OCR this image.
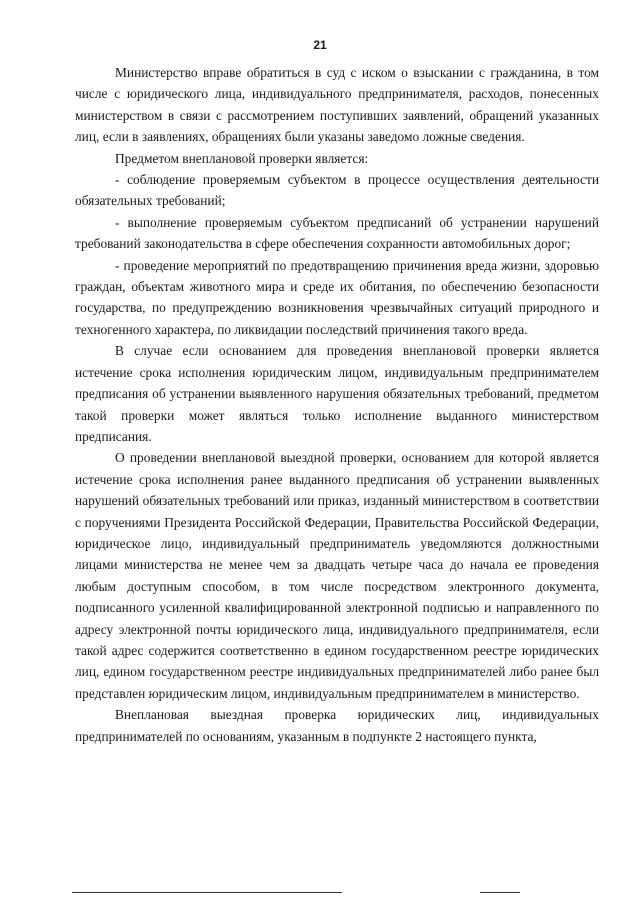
21

Министерство вправе обратиться в суд с иском о взыскании с гражданина, в том числе с юридического лица, индивидуального предпринимателя, расходов, понесенных министерством в связи с рассмотрением поступивших заявлений, обращений указанных лиц, если в заявлениях, обращениях были указаны заведомо ложные сведения.

Предметом внеплановой проверки является:

- соблюдение проверяемым субъектом в процессе осуществления деятельности обязательных требований;

- выполнение проверяемым субъектом предписаний об устранении нарушений требований законодательства в сфере обеспечения сохранности автомобильных дорог;

- проведение мероприятий по предотвращению причинения вреда жизни, здоровью граждан, объектам животного мира и среде их обитания, по обеспечению безопасности государства, по предупреждению возникновения чрезвычайных ситуаций природного и техногенного характера, по ликвидации последствий причинения такого вреда.

В случае если основанием для проведения внеплановой проверки является истечение срока исполнения юридическим лицом, индивидуальным предпринимателем предписания об устранении выявленного нарушения обязательных требований, предметом такой проверки может являться только исполнение выданного министерством предписания.

О проведении внеплановой выездной проверки, основанием для которой является истечение срока исполнения ранее выданного предписания об устранении выявленных нарушений обязательных требований или приказ, изданный министерством в соответствии с поручениями Президента Российской Федерации, Правительства Российской Федерации, юридическое лицо, индивидуальный предприниматель уведомляются должностными лицами министерства не менее чем за двадцать четыре часа до начала ее проведения любым доступным способом, в том числе посредством электронного документа, подписанного усиленной квалифицированной электронной подписью и направленного по адресу электронной почты юридического лица, индивидуального предпринимателя, если такой адрес содержится соответственно в едином государственном реестре юридических лиц, едином государственном реестре индивидуальных предпринимателей либо ранее был представлен юридическим лицом, индивидуальным предпринимателем в министерство.

Внеплановая выездная проверка юридических лиц, индивидуальных предпринимателей по основаниям, указанным в подпункте 2 настоящего пункта,
